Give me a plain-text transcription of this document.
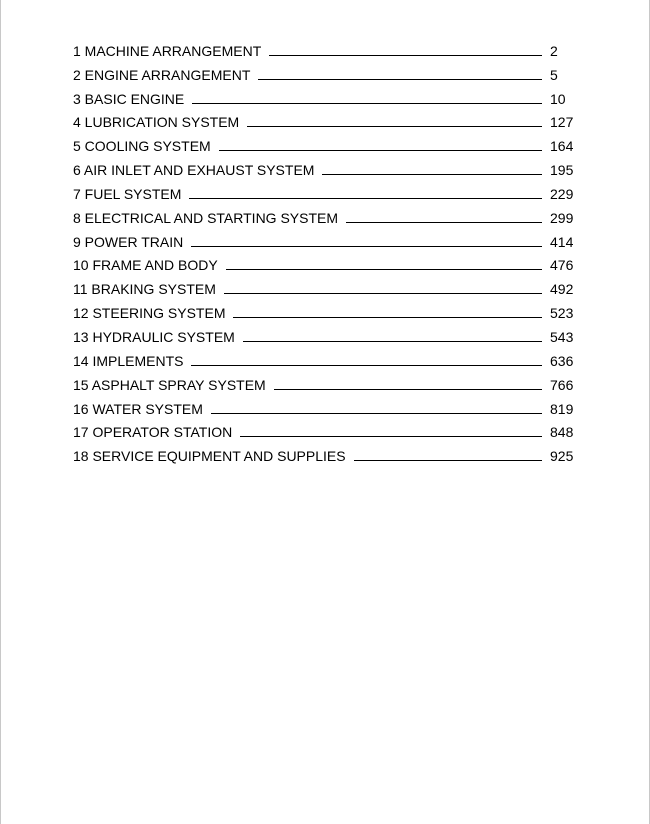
1 MACHINE ARRANGEMENT	2
2 ENGINE ARRANGEMENT	5
3 BASIC ENGINE	10
4 LUBRICATION SYSTEM	127
5 COOLING SYSTEM	164
6 AIR INLET AND EXHAUST SYSTEM	195
7 FUEL SYSTEM	229
8 ELECTRICAL AND STARTING SYSTEM	299
9 POWER TRAIN	414
10 FRAME AND BODY	476
11 BRAKING SYSTEM	492
12 STEERING SYSTEM	523
13 HYDRAULIC SYSTEM	543
14 IMPLEMENTS	636
15 ASPHALT SPRAY SYSTEM	766
16 WATER SYSTEM	819
17 OPERATOR STATION	848
18 SERVICE EQUIPMENT AND SUPPLIES	925
